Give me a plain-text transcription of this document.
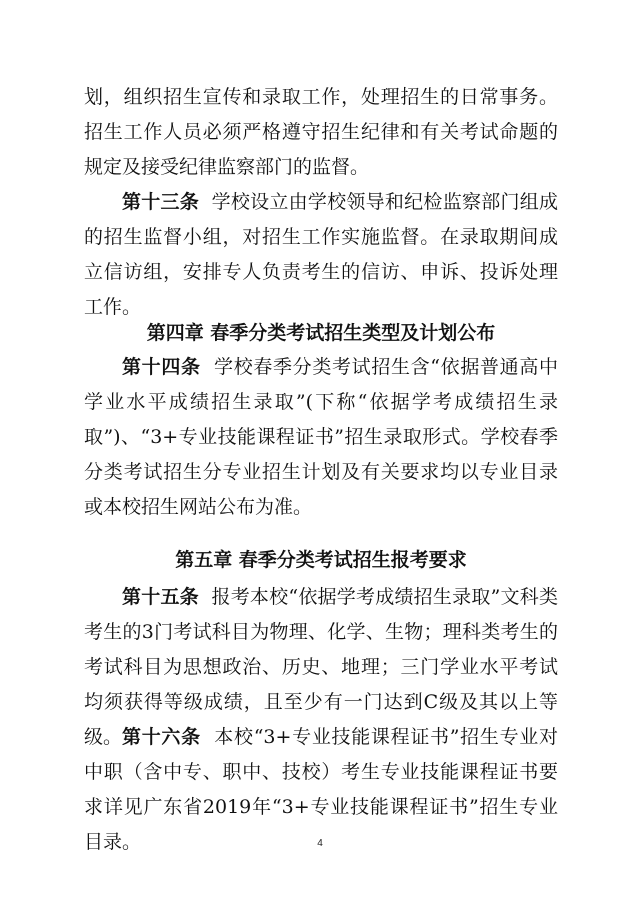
划，组织招生宣传和录取工作，处理招生的日常事务。招生工作人员必须严格遵守招生纪律和有关考试命题的规定及接受纪律监察部门的监督。

第十三条 学校设立由学校领导和纪检监察部门组成的招生监督小组，对招生工作实施监督。在录取期间成立信访组，安排专人负责考生的信访、申诉、投诉处理工作。

第四章 春季分类考试招生类型及计划公布

第十四条 学校春季分类考试招生含“依据普通高中学业水平成绩招生录取”(下称“依据学考成绩招生录取”)、“3+专业技能课程证书”招生录取形式。学校春季分类考试招生分专业招生计划及有关要求均以专业目录或本校招生网站公布为准。

第五章 春季分类考试招生报考要求

第十五条 报考本校“依据学考成绩招生录取”文科类考生的3门考试科目为物理、化学、生物；理科类考生的考试科目为思想政治、历史、地理；三门学业水平考试均须获得等级成绩，且至少有一门达到C级及其以上等级。 第十六条 本校“3+专业技能课程证书”招生专业对中职（含中专、职中、技校）考生专业技能课程证书要求详见广东省2019年“3+专业技能课程证书”招生专业目录。	4
